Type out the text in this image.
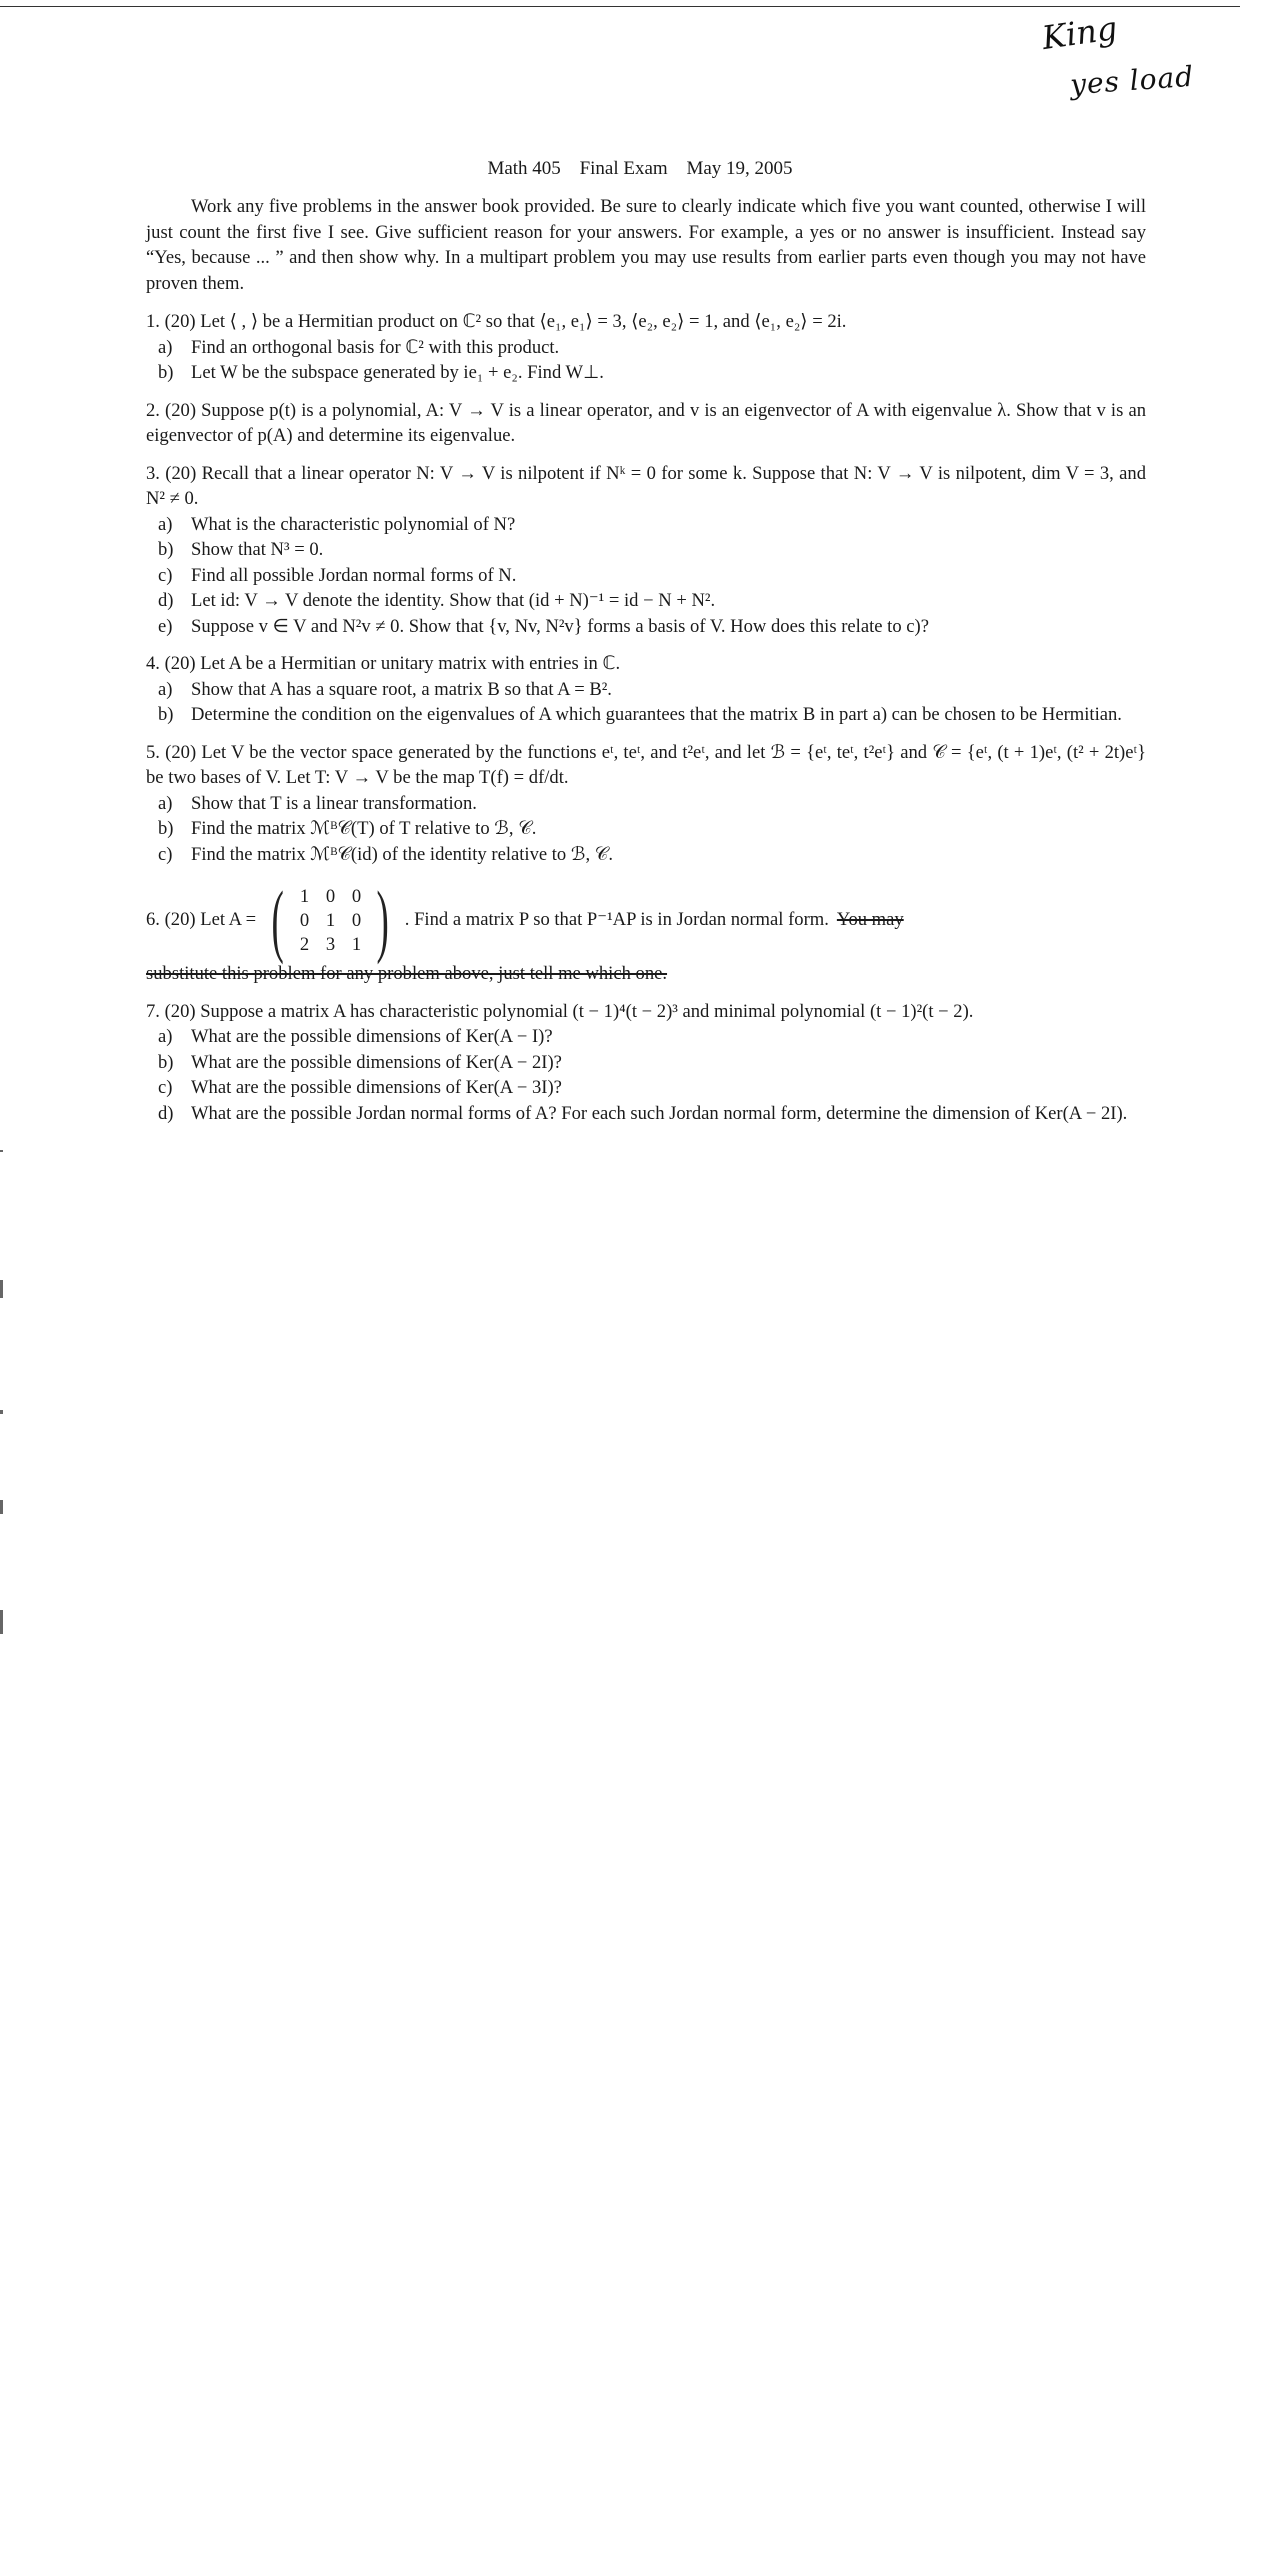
King
yes load
Math 405 Final Exam May 19, 2005

Work any five problems in the answer book provided. Be sure to clearly indicate which five you want counted, otherwise I will just count the first five I see. Give sufficient reason for your answers. For example, a yes or no answer is insufficient. Instead say “Yes, because ... ” and then show why. In a multipart problem you may use results from earlier parts even though you may not have proven them.

1. (20) Let ⟨ , ⟩ be a Hermitian product on ℂ² so that ⟨e₁, e₁⟩ = 3, ⟨e₂, e₂⟩ = 1, and ⟨e₁, e₂⟩ = 2i.

a) Find an orthogonal basis for ℂ² with this product.
b) Let W be the subspace generated by ie₁ + e₂. Find W⊥.

2. (20) Suppose p(t) is a polynomial, A: V → V is a linear operator, and v is an eigenvector of A with eigenvalue λ. Show that v is an eigenvector of p(A) and determine its eigenvalue.

3. (20) Recall that a linear operator N: V → V is nilpotent if Nᵏ = 0 for some k. Suppose that N: V → V is nilpotent, dim V = 3, and N² ≠ 0.

a) What is the characteristic polynomial of N?
b) Show that N³ = 0.
c) Find all possible Jordan normal forms of N.
d) Let id: V → V denote the identity. Show that (id + N)⁻¹ = id − N + N².
e) Suppose v ∈ V and N²v ≠ 0. Show that {v, Nv, N²v} forms a basis of V. How does this relate to c)?

4. (20) Let A be a Hermitian or unitary matrix with entries in ℂ.

a) Show that A has a square root, a matrix B so that A = B².
b) Determine the condition on the eigenvalues of A which guarantees that the matrix B in part a) can be chosen to be Hermitian.

5. (20) Let V be the vector space generated by the functions eᵗ, teᵗ, and t²eᵗ, and let ℬ = {eᵗ, teᵗ, t²eᵗ} and 𝒞 = {eᵗ, (t + 1)eᵗ, (t² + 2t)eᵗ} be two bases of V. Let T: V → V be the map T(f) = df/dt.

a) Show that T is a linear transformation.
b) Find the matrix ℳᴮ𝒞(T) of T relative to ℬ, 𝒞.
c) Find the matrix ℳᴮ𝒞(id) of the identity relative to ℬ, 𝒞.
6. (20) Let A = ( 1 0 0
0 1 0
2 3 1 ) . Find a matrix P so that P⁻¹AP is in Jordan normal form. You may
substitute this problem for any problem above, just tell me which one.

7. (20) Suppose a matrix A has characteristic polynomial (t − 1)⁴(t − 2)³ and minimal polynomial (t − 1)²(t − 2).

a) What are the possible dimensions of Ker(A − I)?
b) What are the possible dimensions of Ker(A − 2I)?
c) What are the possible dimensions of Ker(A − 3I)?
d) What are the possible Jordan normal forms of A? For each such Jordan normal form, determine the dimension of Ker(A − 2I).
